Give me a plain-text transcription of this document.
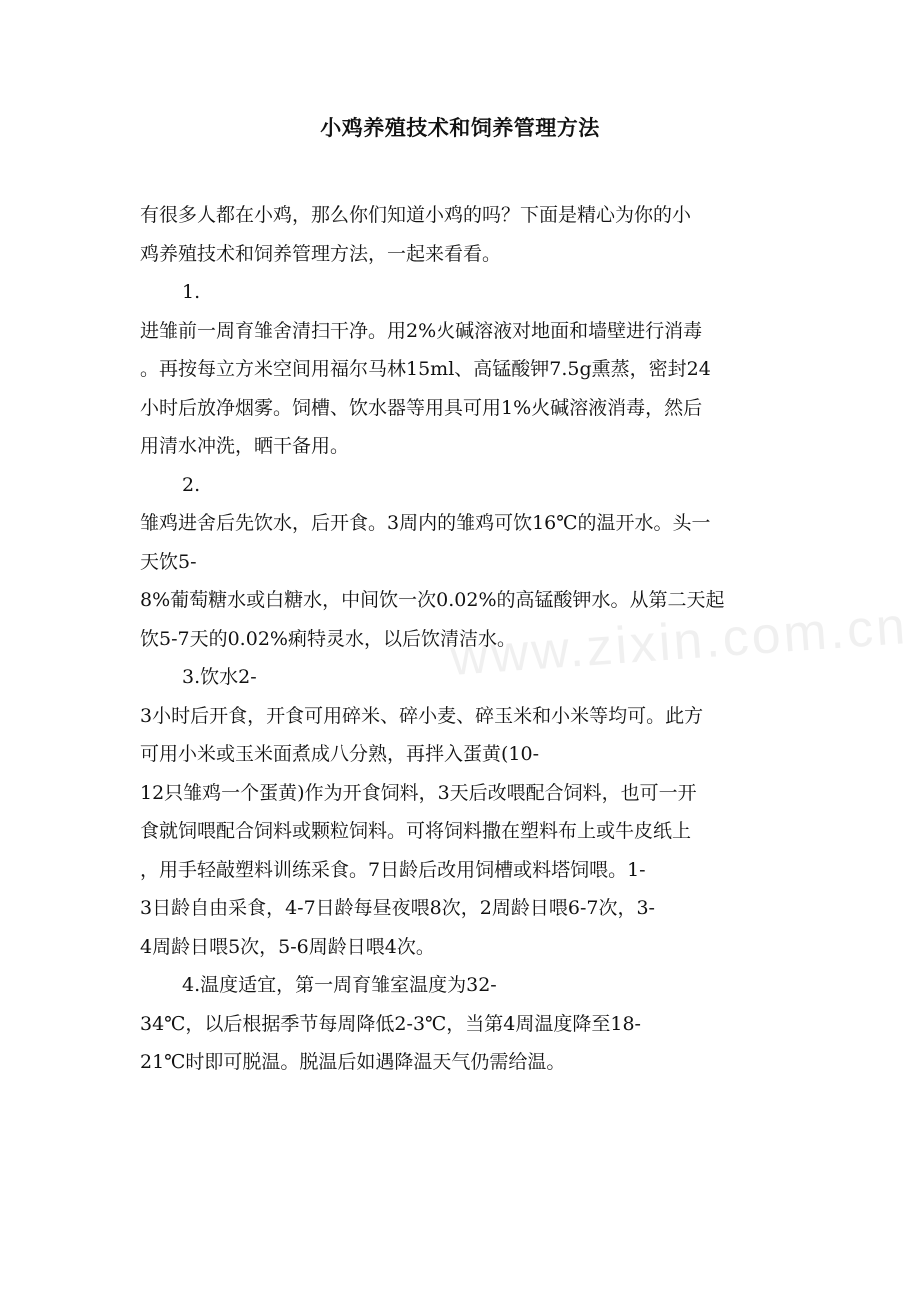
小鸡养殖技术和饲养管理方法
有很多人都在小鸡，那么你们知道小鸡的吗？下面是精心为你的小
鸡养殖技术和饲养管理方法，一起来看看。
1.
进雏前一周育雏舍清扫干净。用2%火碱溶液对地面和墙壁进行消毒
。再按每立方米空间用福尔马林15ml、高锰酸钾7.5g熏蒸，密封24
小时后放净烟雾。饲槽、饮水器等用具可用1%火碱溶液消毒，然后
用清水冲洗，晒干备用。
2.
雏鸡进舍后先饮水，后开食。3周内的雏鸡可饮16℃的温开水。头一
天饮5-
8%葡萄糖水或白糖水，中间饮一次0.02%的高锰酸钾水。从第二天起
饮5-7天的0.02%痢特灵水，以后饮清洁水。
3.饮水2-
3小时后开食，开食可用碎米、碎小麦、碎玉米和小米等均可。此方
可用小米或玉米面煮成八分熟，再拌入蛋黄(10-
12只雏鸡一个蛋黄)作为开食饲料，3天后改喂配合饲料，也可一开
食就饲喂配合饲料或颗粒饲料。可将饲料撒在塑料布上或牛皮纸上
，用手轻敲塑料训练采食。7日龄后改用饲槽或料塔饲喂。1-
3日龄自由采食，4-7日龄每昼夜喂8次，2周龄日喂6-7次，3-
4周龄日喂5次，5-6周龄日喂4次。
4.温度适宜，第一周育雏室温度为32-
34℃，以后根据季节每周降低2-3℃，当第4周温度降至18-
21℃时即可脱温。脱温后如遇降温天气仍需给温。
www.zixin.com.cn
